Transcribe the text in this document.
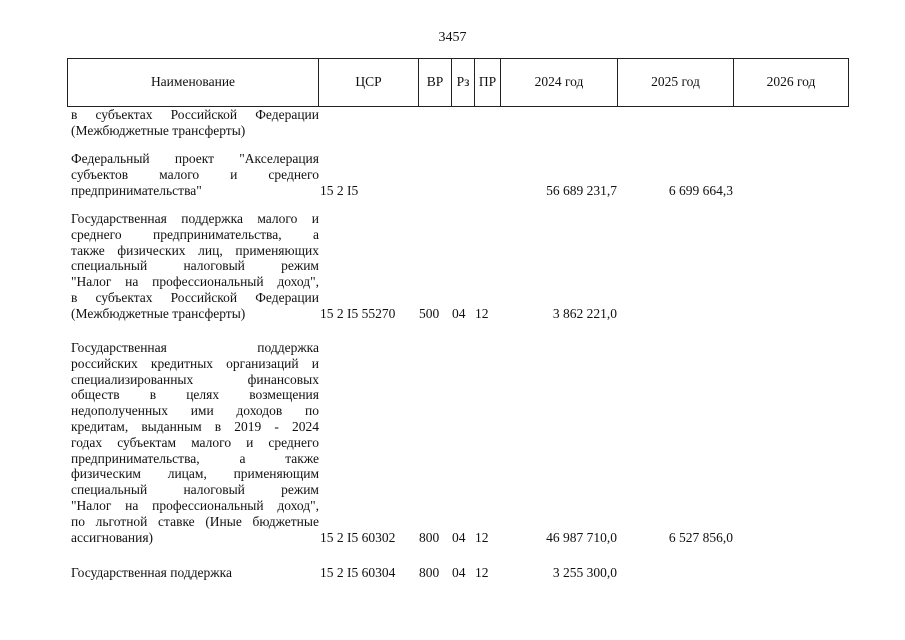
3457
Наименование	ЦСР	ВР Рз ПР	2024 год	2025 год	2026 год
в субъектах Российской Федерации
(Межбюджетные трансферты)
Федеральный проект "Акселерация
субъектов малого и среднего
предпринимательства"	15 2 I5	56 689 231,7	6 699 664,3
Государственная поддержка малого и
среднего предпринимательства, а
также физических лиц, применяющих
специальный	налоговый	режим
"Налог на профессиональный доход",
в субъектах Российской Федерации
(Межбюджетные трансферты)	15 2 I5 55270	500 04 12	3 862 221,0
Государственная	поддержка
российских кредитных организаций и
специализированных	финансовых
обществ в целях возмещения
недополученных ими доходов по
кредитам, выданным в 2019 - 2024
годах субъектам малого и среднего
предпринимательства,	а	также
физическим лицам, применяющим
специальный	налоговый	режим
"Налог на профессиональный доход",
по льготной ставке (Иные бюджетные
ассигнования)	15 2 I5 60302	800 04 12	46 987 710,0	6 527 856,0
Государственная поддержка	15 2 I5 60304	800 04 12	3 255 300,0
